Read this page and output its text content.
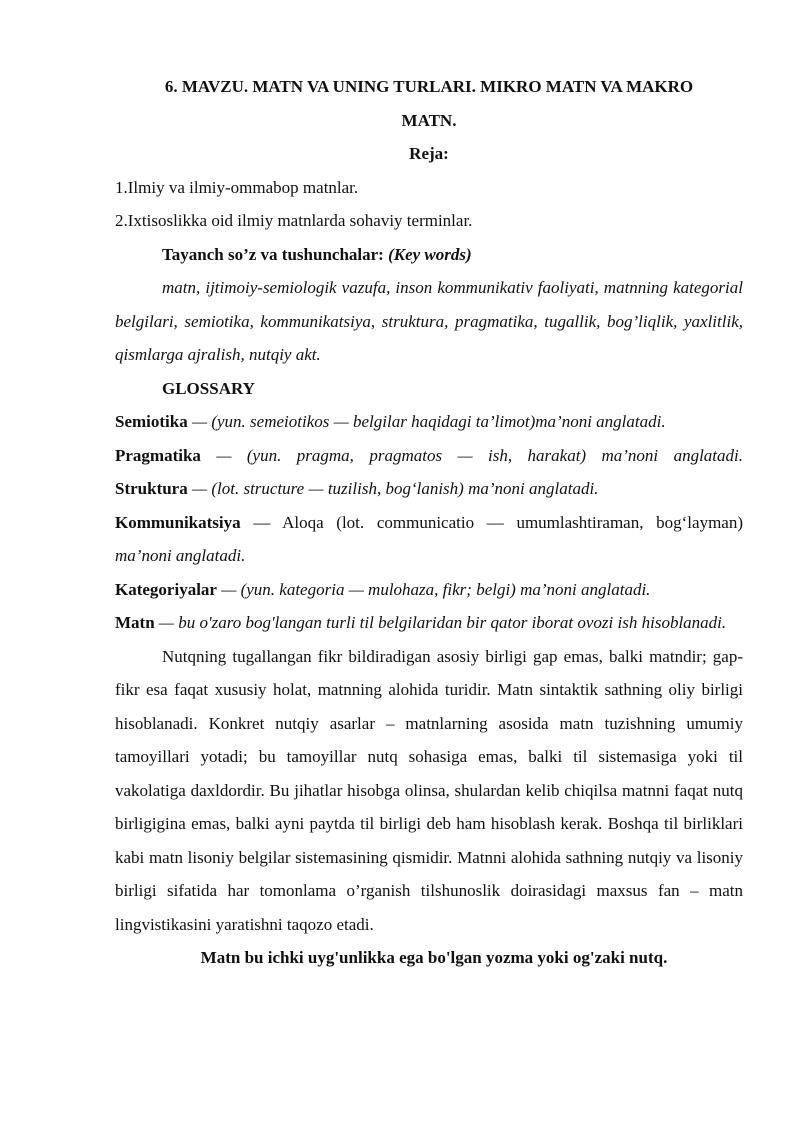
6. MAVZU. MATN VA UNING TURLARI. MIKRO MATN VA MAKRO
MATN.

Reja:

1.Ilmiy va ilmiy-ommabop matnlar.
2.Ixtisoslikka oid ilmiy matnlarda sohaviy terminlar.

Tayanch so’z va tushunchalar: (Key words)

matn, ijtimoiy-semiologik vazufa, inson kommunikativ faoliyati, matnning kategorial belgilari, semiotika, kommunikatsiya, struktura, pragmatika, tugallik, bog’liqlik, yaxlitlik, qismlarga ajralish, nutqiy akt.

GLOSSARY

Semiotika — (yun. semeiotikos — belgilar haqidagi ta’limot)ma’noni anglatadi.

Pragmatika — (yun. pragma, pragmatos — ish, harakat) ma’noni anglatadi.

Struktura — (lot. structure — tuzilish, bog‘lanish) ma’noni anglatadi.

Kommunikatsiya — Aloqa (lot. communicatio — umumlashtiraman, bog‘layman) ma’noni anglatadi.

Kategoriyalar — (yun. kategoria — mulohaza, fikr; belgi) ma’noni anglatadi.

Matn — bu o'zaro bog'langan turli til belgilaridan bir qator iborat ovozi ish hisoblanadi.

Nutqning tugallangan fikr bildiradigan asosiy birligi gap emas, balki matndir; gap-fikr esa faqat xususiy holat, matnning alohida turidir. Matn sintaktik sathning oliy birligi hisoblanadi. Konkret nutqiy asarlar – matnlarning asosida matn tuzishning umumiy tamoyillari yotadi; bu tamoyillar nutq sohasiga emas, balki til sistemasiga yoki til vakolatiga daxldordir. Bu jihatlar hisobga olinsa, shulardan kelib chiqilsa matnni faqat nutq birligigina emas, balki ayni paytda til birligi deb ham hisoblash kerak. Boshqa til birliklari kabi matn lisoniy belgilar sistemasining qismidir. Matnni alohida sathning nutqiy va lisoniy birligi sifatida har tomonlama o’rganish tilshunoslik doirasidagi maxsus fan – matn lingvistikasini yaratishni taqozo etadi.

Matn bu ichki uyg'unlikka ega bo'lgan yozma yoki og'zaki nutq.
